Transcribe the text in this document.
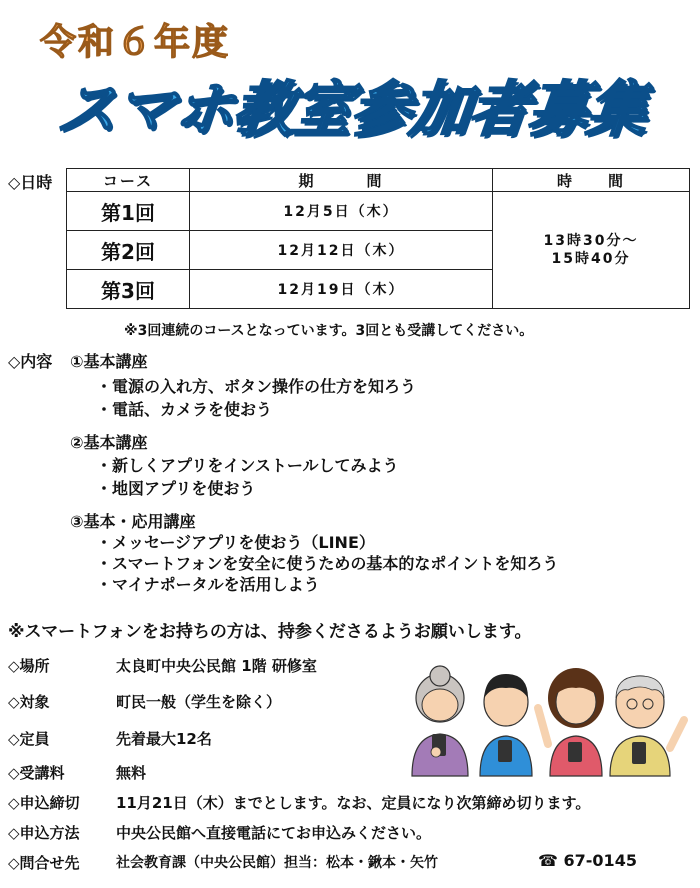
令和６年度
スマホ教室参加者募集
◇日時	コース	期　　　間	時　　間
第1回	12月5日（木）	13時30分～
15時40分
第2回	12月12日（木）	
第3回	12月19日（木）	
※3回連続のコースとなっています。3回とも受講してください。
◇内容 ①基本講座
・電源の入れ方、ボタン操作の仕方を知ろう
・電話、カメラを使おう
②基本講座
・新しくアプリをインストールしてみよう
・地図アプリを使おう
③基本・応用講座
・メッセージアプリを使おう（LINE）
・スマートフォンを安全に使うための基本的なポイントを知ろう
・マイナポータルを活用しよう
※スマートフォンをお持ちの方は、持参くださるようお願いします。
◇場所	太良町中央公民館 1階 研修室
◇対象	町民一般（学生を除く）
◇定員	先着最大12名
◇受講料	無料
◇申込締切 11月21日（木）までとします。なお、定員になり次第締め切ります。
◇申込方法 中央公民館へ直接電話にてお申込みください。
◇問合せ先	社会教育課（中央公民館）担当：松本・鍬本・矢竹	☎ 67-0145
